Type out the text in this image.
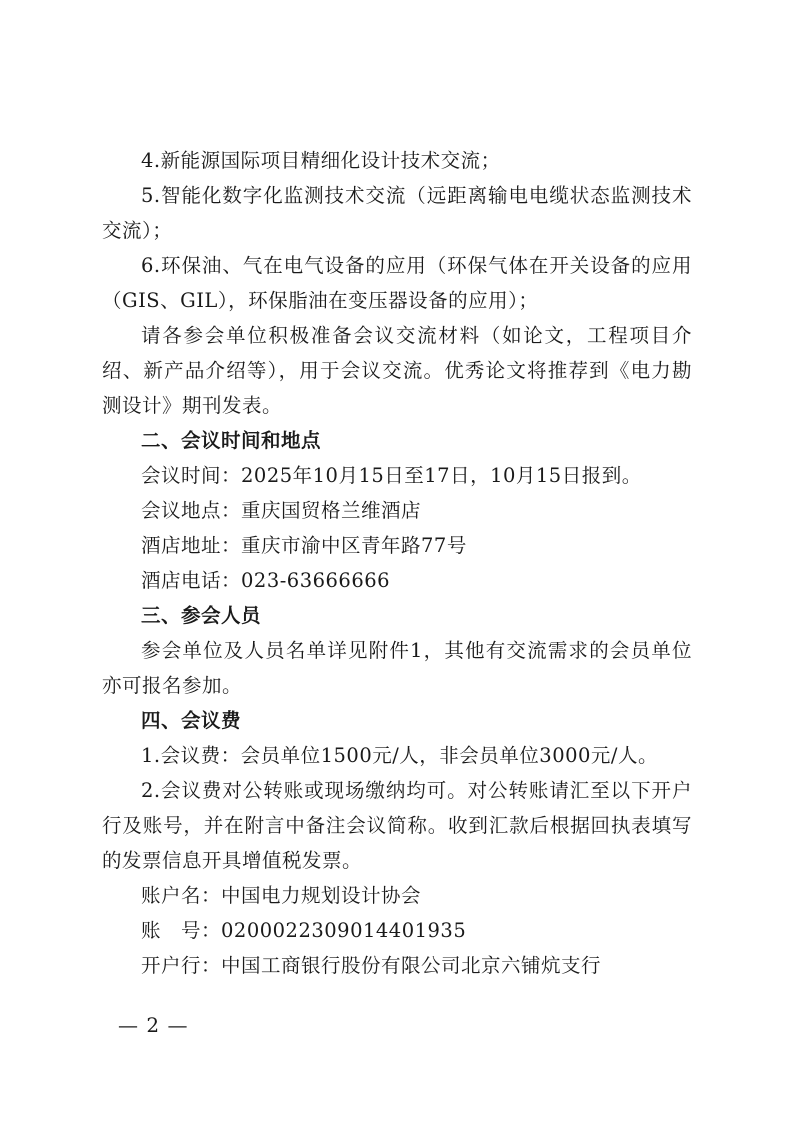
4.新能源国际项目精细化设计技术交流；

5.智能化数字化监测技术交流（远距离输电电缆状态监测技术交流）；

6.环保油、气在电气设备的应用（环保气体在开关设备的应用（GIS、GIL），环保脂油在变压器设备的应用）；

请各参会单位积极准备会议交流材料（如论文，工程项目介绍、新产品介绍等），用于会议交流。优秀论文将推荐到《电力勘测设计》期刊发表。

二、会议时间和地点

会议时间：2025年10月15日至17日，10月15日报到。

会议地点：重庆国贸格兰维酒店

酒店地址：重庆市渝中区青年路77号

酒店电话：023-63666666

三、参会人员

参会单位及人员名单详见附件1，其他有交流需求的会员单位亦可报名参加。

四、会议费

1.会议费：会员单位1500元/人，非会员单位3000元/人。

2.会议费对公转账或现场缴纳均可。对公转账请汇至以下开户行及账号，并在附言中备注会议简称。收到汇款后根据回执表填写的发票信息开具增值税发票。

账户名：中国电力规划设计协会

账　号：0200022309014401935

开户行：中国工商银行股份有限公司北京六铺炕支行

— 2 —
